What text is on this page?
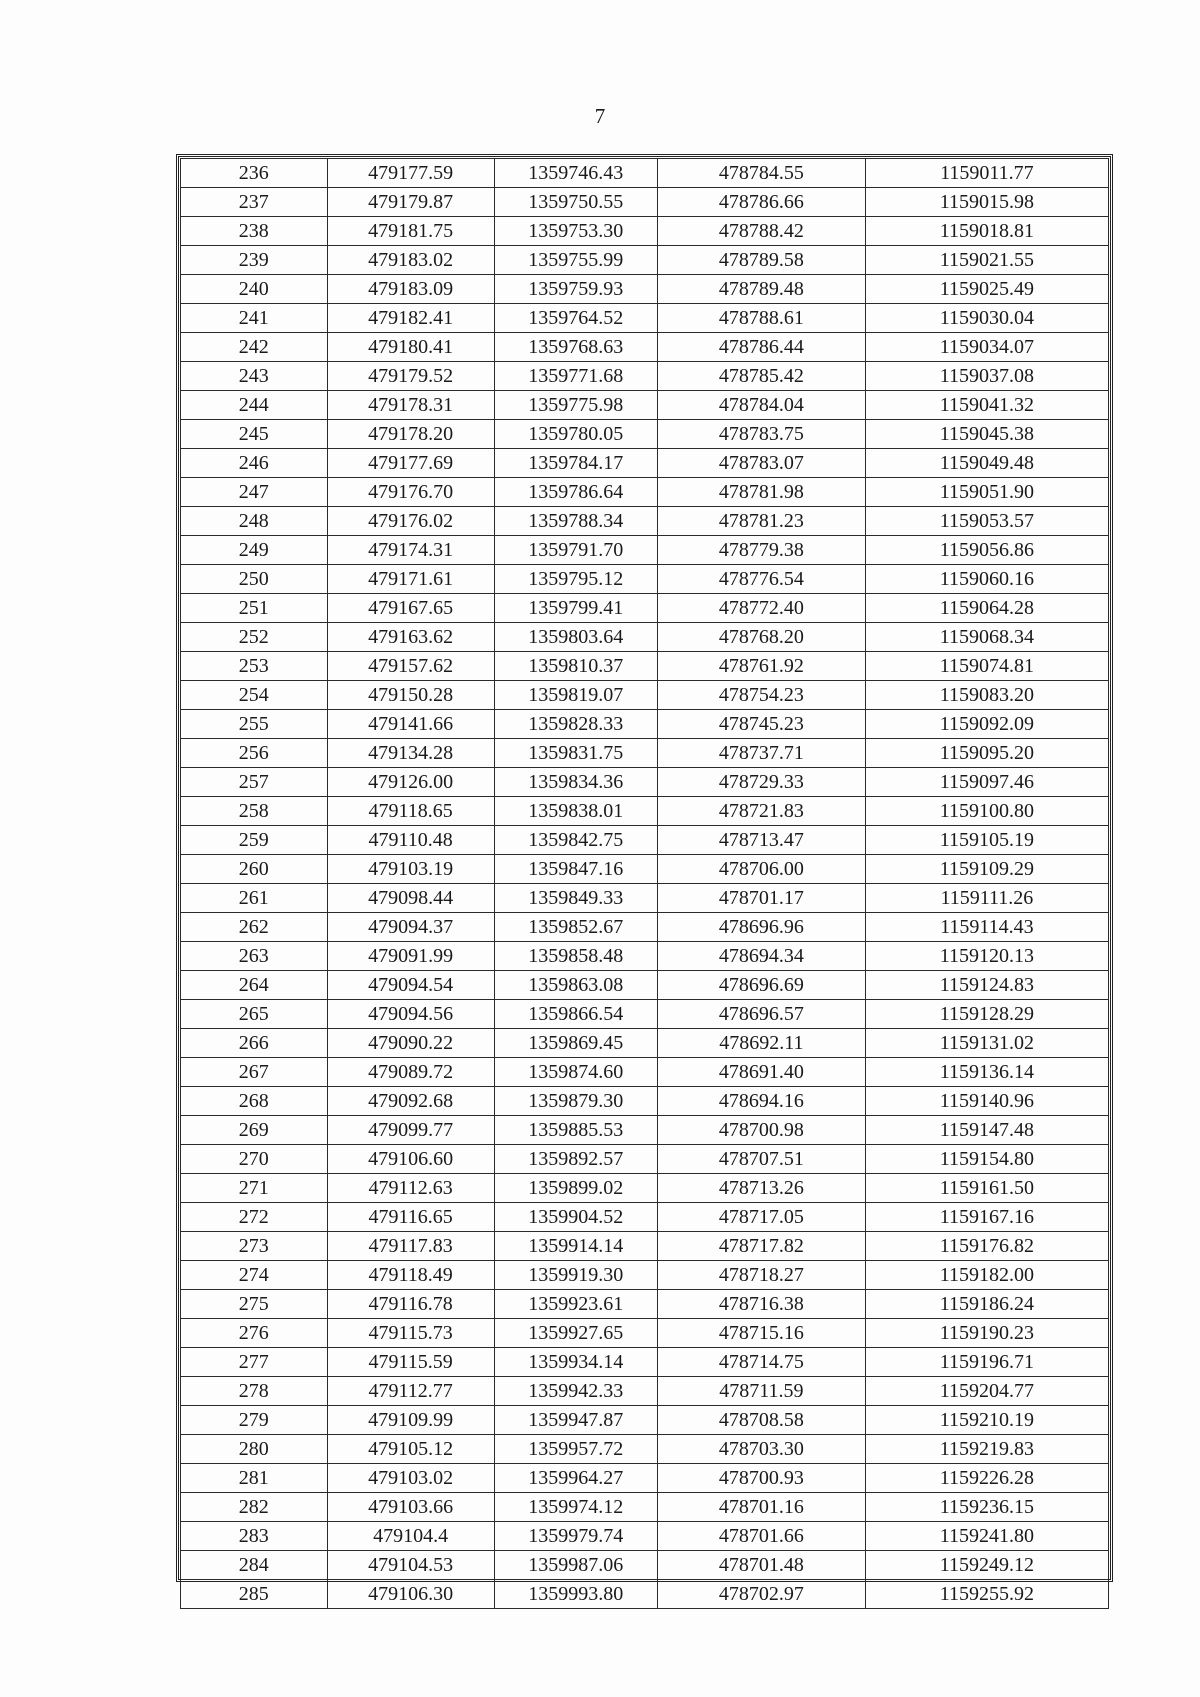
7
236	479177.59	1359746.43	478784.55	1159011.77
237	479179.87	1359750.55	478786.66	1159015.98
238	479181.75	1359753.30	478788.42	1159018.81
239	479183.02	1359755.99	478789.58	1159021.55
240	479183.09	1359759.93	478789.48	1159025.49
241	479182.41	1359764.52	478788.61	1159030.04
242	479180.41	1359768.63	478786.44	1159034.07
243	479179.52	1359771.68	478785.42	1159037.08
244	479178.31	1359775.98	478784.04	1159041.32
245	479178.20	1359780.05	478783.75	1159045.38
246	479177.69	1359784.17	478783.07	1159049.48
247	479176.70	1359786.64	478781.98	1159051.90
248	479176.02	1359788.34	478781.23	1159053.57
249	479174.31	1359791.70	478779.38	1159056.86
250	479171.61	1359795.12	478776.54	1159060.16
251	479167.65	1359799.41	478772.40	1159064.28
252	479163.62	1359803.64	478768.20	1159068.34
253	479157.62	1359810.37	478761.92	1159074.81
254	479150.28	1359819.07	478754.23	1159083.20
255	479141.66	1359828.33	478745.23	1159092.09
256	479134.28	1359831.75	478737.71	1159095.20
257	479126.00	1359834.36	478729.33	1159097.46
258	479118.65	1359838.01	478721.83	1159100.80
259	479110.48	1359842.75	478713.47	1159105.19
260	479103.19	1359847.16	478706.00	1159109.29
261	479098.44	1359849.33	478701.17	1159111.26
262	479094.37	1359852.67	478696.96	1159114.43
263	479091.99	1359858.48	478694.34	1159120.13
264	479094.54	1359863.08	478696.69	1159124.83
265	479094.56	1359866.54	478696.57	1159128.29
266	479090.22	1359869.45	478692.11	1159131.02
267	479089.72	1359874.60	478691.40	1159136.14
268	479092.68	1359879.30	478694.16	1159140.96
269	479099.77	1359885.53	478700.98	1159147.48
270	479106.60	1359892.57	478707.51	1159154.80
271	479112.63	1359899.02	478713.26	1159161.50
272	479116.65	1359904.52	478717.05	1159167.16
273	479117.83	1359914.14	478717.82	1159176.82
274	479118.49	1359919.30	478718.27	1159182.00
275	479116.78	1359923.61	478716.38	1159186.24
276	479115.73	1359927.65	478715.16	1159190.23
277	479115.59	1359934.14	478714.75	1159196.71
278	479112.77	1359942.33	478711.59	1159204.77
279	479109.99	1359947.87	478708.58	1159210.19
280	479105.12	1359957.72	478703.30	1159219.83
281	479103.02	1359964.27	478700.93	1159226.28
282	479103.66	1359974.12	478701.16	1159236.15
283	479104.4	1359979.74	478701.66	1159241.80
284	479104.53	1359987.06	478701.48	1159249.12
285	479106.30	1359993.80	478702.97	1159255.92
